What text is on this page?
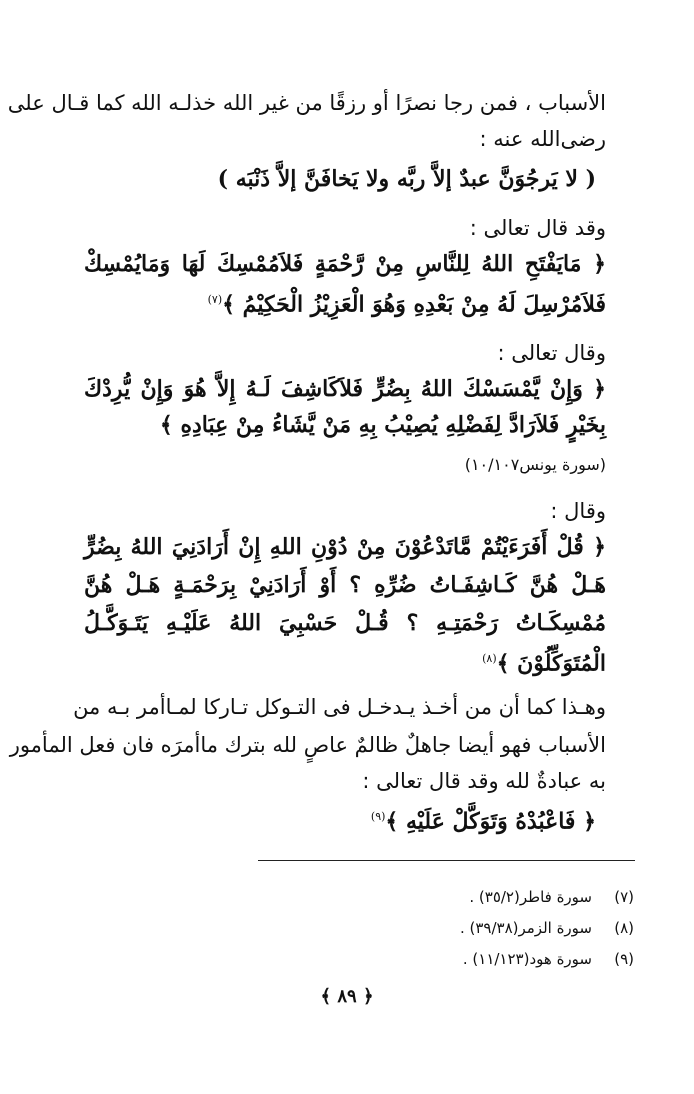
الأسباب ، فمن رجا نصرًا أو رزقًا من غير الله خذلـه الله كما قـال على
رضى‌الله عنه :
( لا يَرجُوَنَّ عبدٌ إلاَّ ربَّه ولا يَخافَنَّ إلاَّ ذَنْبَه )
وقد قال تعالى :
﴿ مَايَفْتَحِ اللهُ لِلنَّاسِ مِنْ رَّحْمَةٍ فَلاَمُمْسِكَ لَهَا وَمَايُمْسِكْ
فَلاَمُرْسِلَ لَهُ مِنْ بَعْدِهِ وَهُوَ الْعَزِيْزُ الْحَكِيْمُ ﴾$^{(٧)}$
وقال تعالى :
﴿ وَإِنْ يَّمْسَسْكَ اللهُ بِضُرٍّ فَلاَكَاشِفَ لَـهُ إِلاَّ هُوَ وَإِنْ يُّرِدْكَ
بِخَيْرٍ فَلاَرَادَّ لِفَضْلِهِ يُصِيْبُ بِهِ مَنْ يَّشَاءُ مِنْ عِبَادِهِ ﴾
(سورة يونس١٠/١٠٧)
وقال :
﴿ قُلْ أَفَرَءَيْتُمْ مَّاتَدْعُوْنَ مِنْ دُوْنِ اللهِ إِنْ أَرَادَنِيَ اللهُ بِضُرٍّ
هَـلْ هُنَّ كَـاشِفَـاتُ ضُرِّهِ ؟ أَوْ أَرَادَنِيْ بِرَحْمَـةٍ هَـلْ هُنَّ
مُمْسِكَـاتُ رَحْمَتِـهِ ؟ قُـلْ حَسْبِيَ اللهُ عَلَيْـهِ يَتَـوَكَّـلُ
الْمُتَوَكِّلُوْنَ ﴾$^{(٨)}$
وهـذا كما أن من أخـذ يـدخـل فى التـوكل تـاركا لمـاأمر بـه من
الأسباب فهو أيضا جاهلٌ ظالمٌ عاصٍ لله بترك ماأمرَه فان فعل المأمور
به عبادةٌ لله وقد قال تعالى :
﴿ فَاعْبُدْهُ وَتَوَكَّلْ عَلَيْهِ ﴾$^{(٩)}$
(٧)
سورة فاطر(٣٥/٢) .
(٨)
سورة الزمر(٣٩/٣٨) .
(٩)
سورة هود(١١/١٢٣) .
﴿ ٨٩ ﴾
